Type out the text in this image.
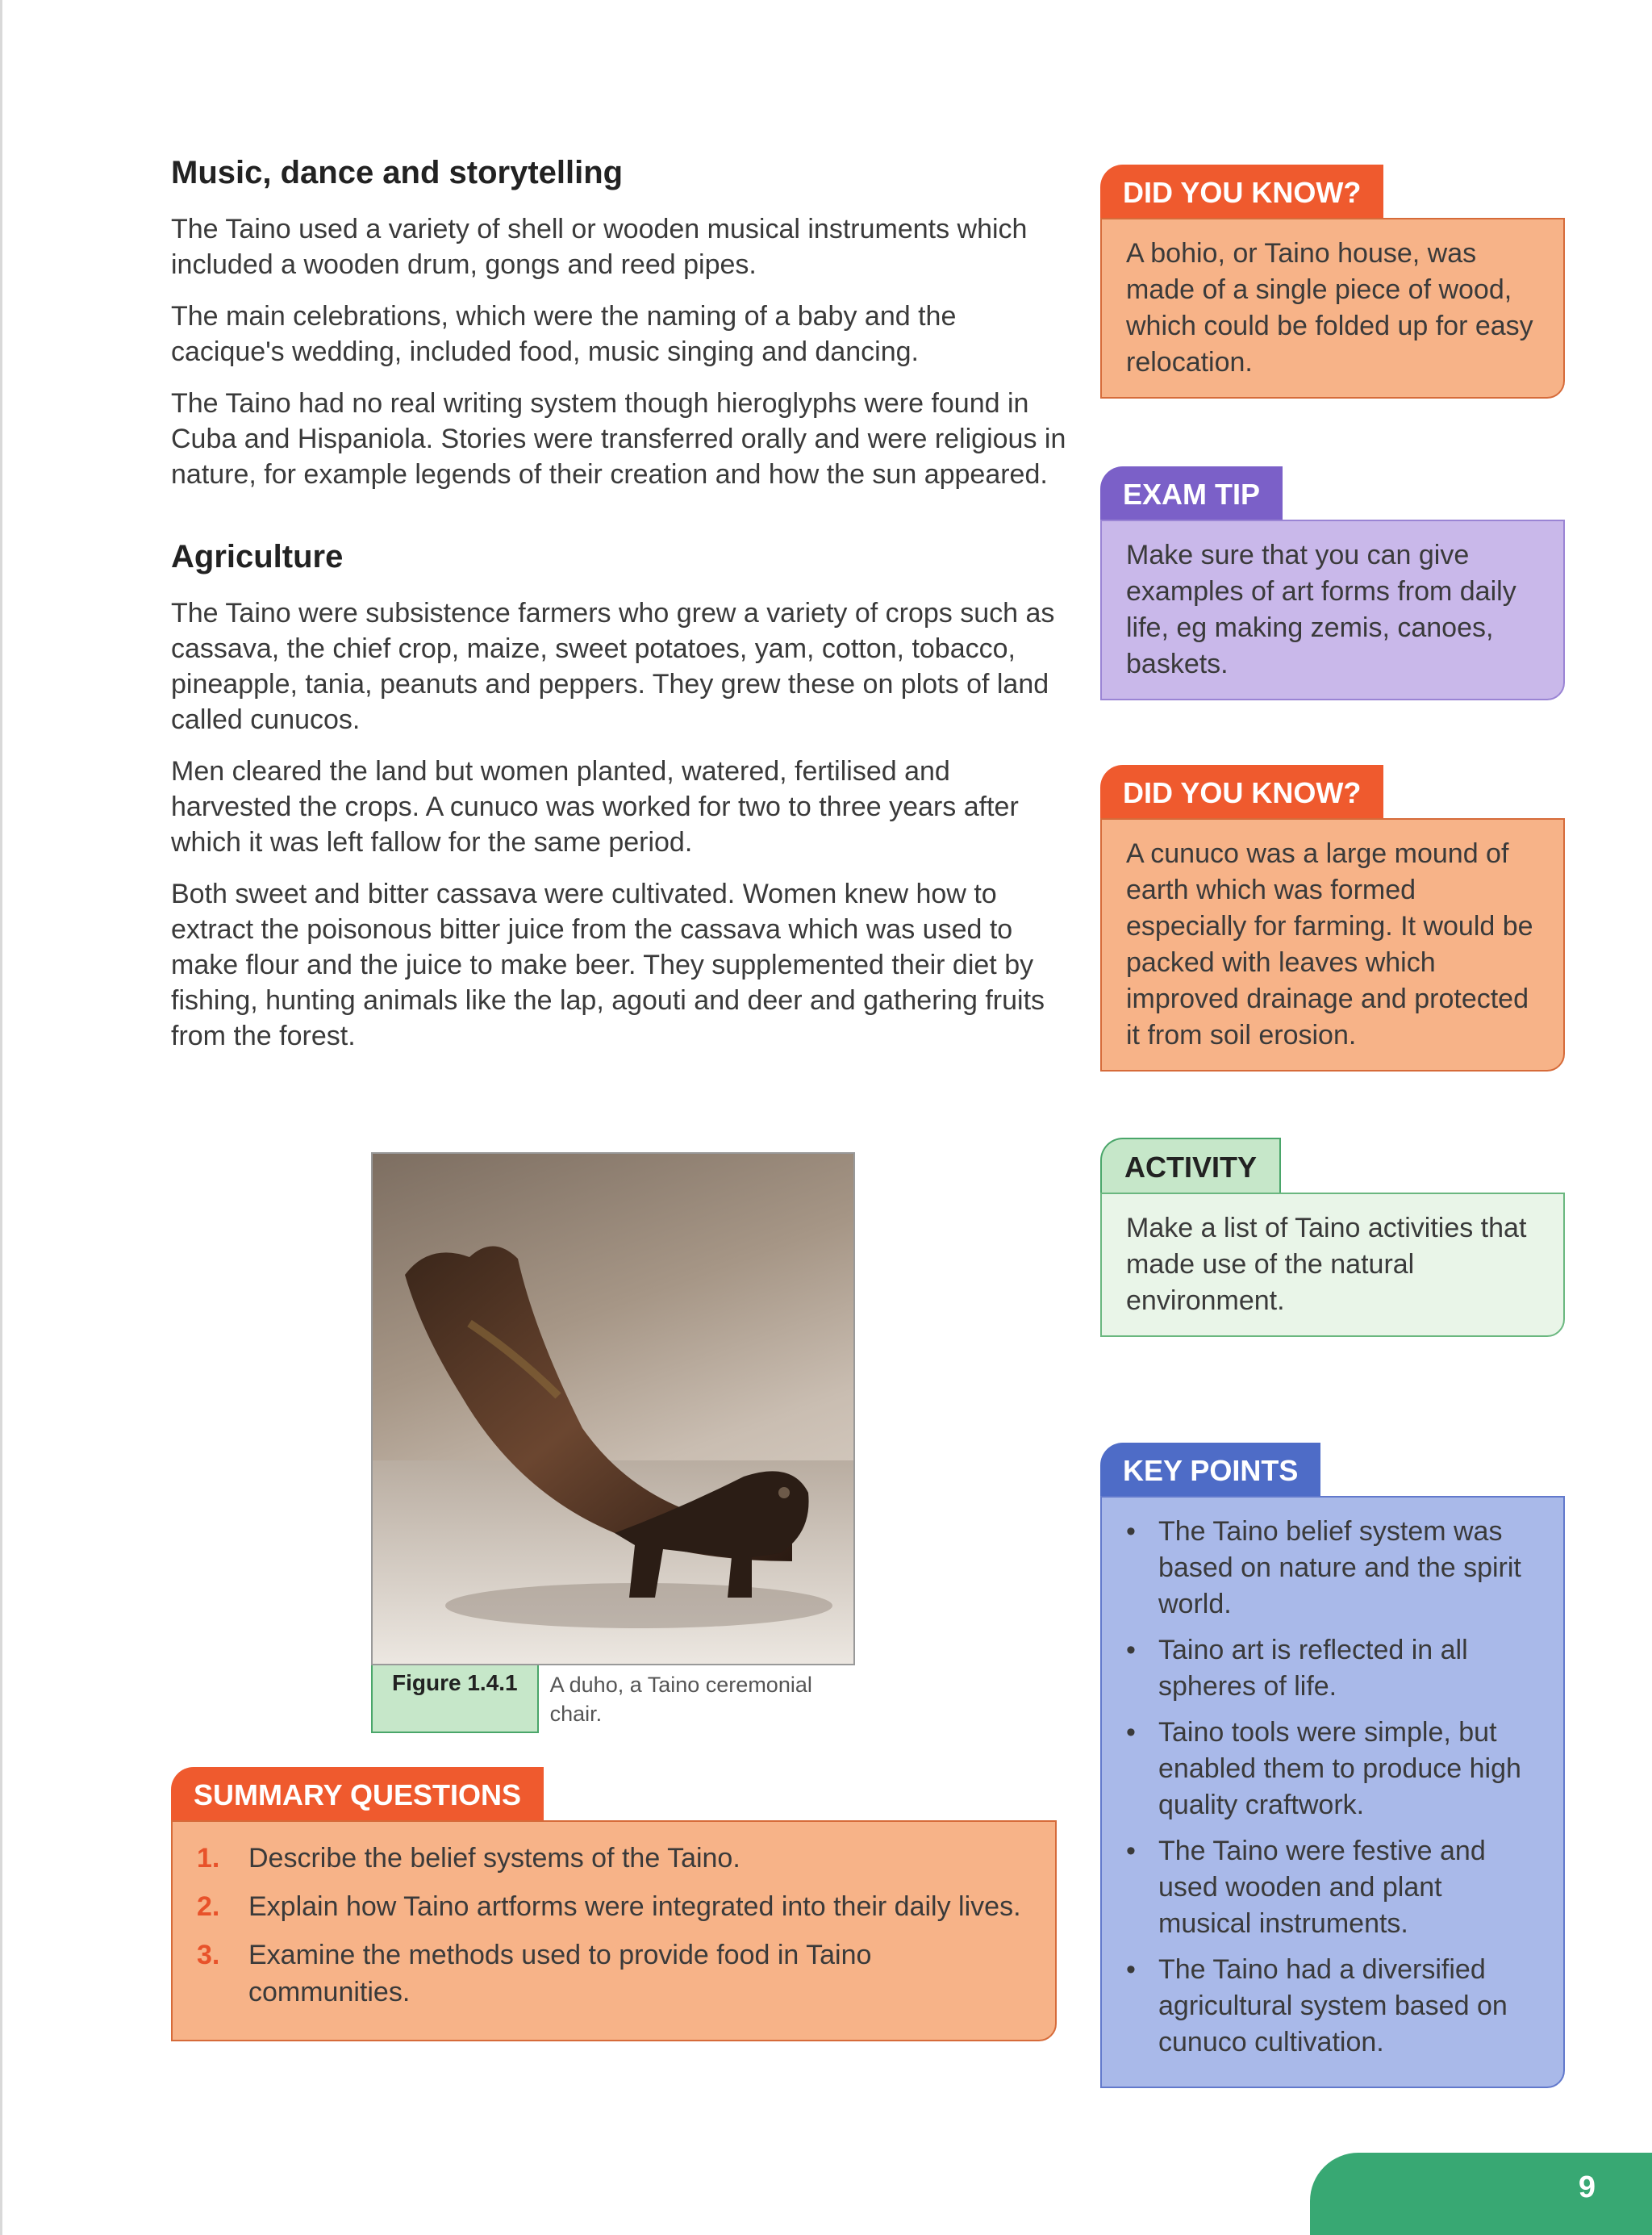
Music, dance and storytelling

The Taino used a variety of shell or wooden musical instruments which included a wooden drum, gongs and reed pipes.

The main celebrations, which were the naming of a baby and the cacique's wedding, included food, music singing and dancing.

The Taino had no real writing system though hieroglyphs were found in Cuba and Hispaniola. Stories were transferred orally and were religious in nature, for example legends of their creation and how the sun appeared.

Agriculture

The Taino were subsistence farmers who grew a variety of crops such as cassava, the chief crop, maize, sweet potatoes, yam, cotton, tobacco, pineapple, tania, peanuts and peppers. They grew these on plots of land called cunucos.

Men cleared the land but women planted, watered, fertilised and harvested the crops. A cunuco was worked for two to three years after which it was left fallow for the same period.

Both sweet and bitter cassava were cultivated. Women knew how to extract the poisonous bitter juice from the cassava which was used to make flour and the juice to make beer. They supplemented their diet by fishing, hunting animals like the lap, agouti and deer and gathering fruits from the forest.

Figure 1.4.1	A duho, a Taino ceremonial chair.
SUMMARY QUESTIONS
1.	Describe the belief systems of the Taino.
2.	Explain how Taino artforms were integrated into their daily lives.
3.	Examine the methods used to provide food in Taino communities.
DID YOU KNOW?
A bohio, or Taino house, was made of a single piece of wood, which could be folded up for easy relocation.
EXAM TIP
Make sure that you can give examples of art forms from daily life, eg making zemis, canoes, baskets.
DID YOU KNOW?
A cunuco was a large mound of earth which was formed especially for farming. It would be packed with leaves which improved drainage and protected it from soil erosion.
ACTIVITY
Make a list of Taino activities that made use of the natural environment.
KEY POINTS
• The Taino belief system was based on nature and the spirit world.
• Taino art is reflected in all spheres of life.
• Taino tools were simple, but enabled them to produce high quality craftwork.
• The Taino were festive and used wooden and plant musical instruments.
• The Taino had a diversified agricultural system based on cunuco cultivation.
9
